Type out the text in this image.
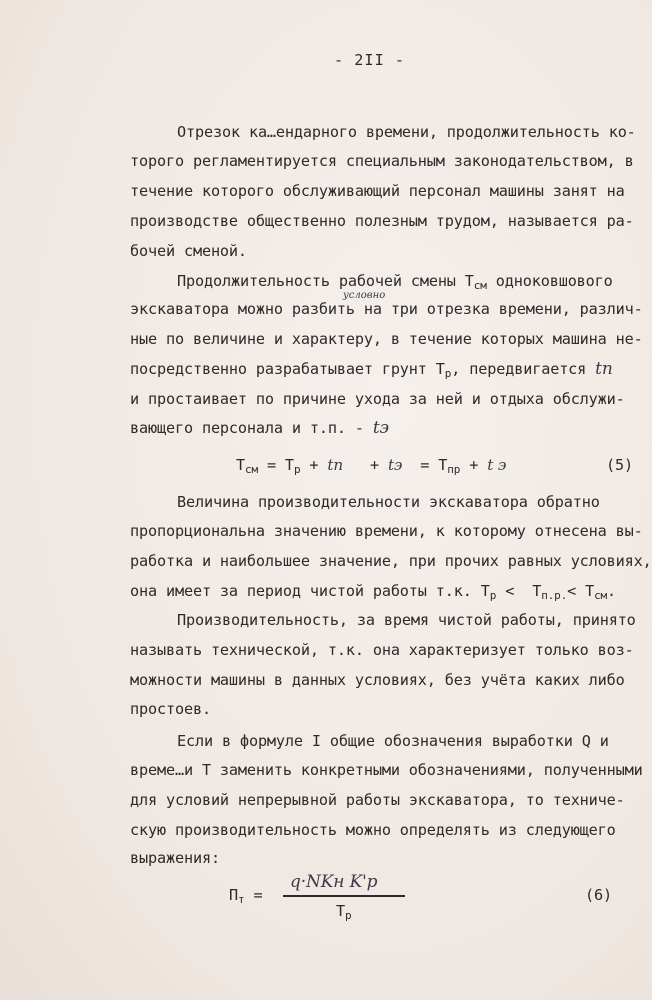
- 2II -
Отрезок ка…ендарного времени, продолжительность ко-
торого регламентируется специальным законодательством, в
течение которого обслуживающий персонал машины занят на
производстве общественно полезным трудом, называется ра-
бочей сменой.
Продолжительность рабочей смены $Т_{см}$ одноковшового
условно
экскаватора можно разбить на три отрезка времени, различ-
ные по величине и характеру, в течение которых машина не-
посредственно разрабатывает грунт $Т_р$, передвигается tп
и простаивает по причине ухода за ней и отдыха обслужи-
вающего персонала и т.п. - tэ
$Т_{см} = Т_р$ + tn   + tэ  = $Т_{пр} + t$ э	(5)
Величина производительности экскаватора обратно
пропорциональна значению времени, к которому отнесена вы-
работка и наибольшее значение, при прочих равных условиях,
она имеет за период чистой работы т.к. $Т_р < Т_{п.р.}< Т_{см}$.
Производительность, за время чистой работы, принято
называть технической, т.к. она характеризует только воз-
можности машины в данных условиях, без учёта каких либо
простоев.
Если в формуле I общие обозначения выработки Q и
време…и Т заменить конкретными обозначениями, полученными
для условий непрерывной работы экскаватора, то техниче-
скую производительность можно определять из следующего
выражения:
$П_т$ =
q·NKн K'р
$Т_р$
(6)
